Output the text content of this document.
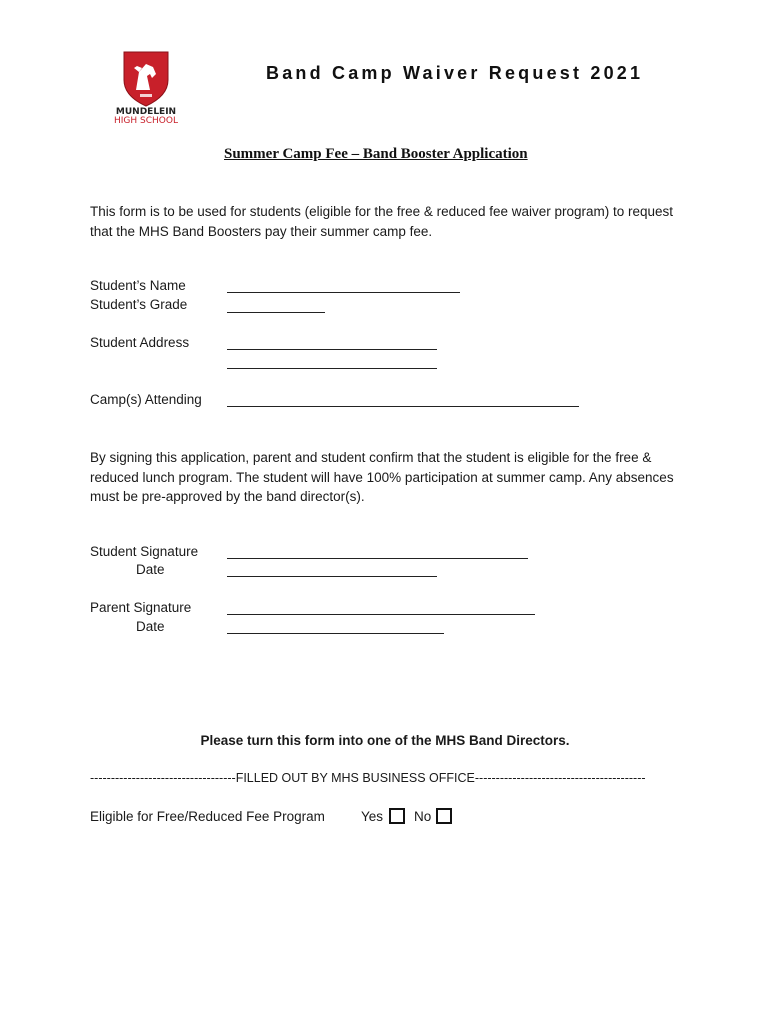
MUNDELEIN
HIGH SCHOOL
Band Camp Waiver Request 2021
Summer Camp Fee – Band Booster Application
This form is to be used for students (eligible for the free & reduced fee waiver program) to request that the MHS Band Boosters pay their summer camp fee.
Student’s Name
Student’s Grade
Student Address
Camp(s) Attending
By signing this application, parent and student confirm that the student is eligible for the free & reduced lunch program. The student will have 100% participation at summer camp. Any absences must be pre-approved by the band director(s).
Student Signature
Date
Parent Signature
Date
Please turn this form into one of the MHS Band Directors.
-----------------------------------FILLED OUT BY MHS BUSINESS OFFICE-----------------------------------------
Eligible for Free/Reduced Fee Program	Yes No
